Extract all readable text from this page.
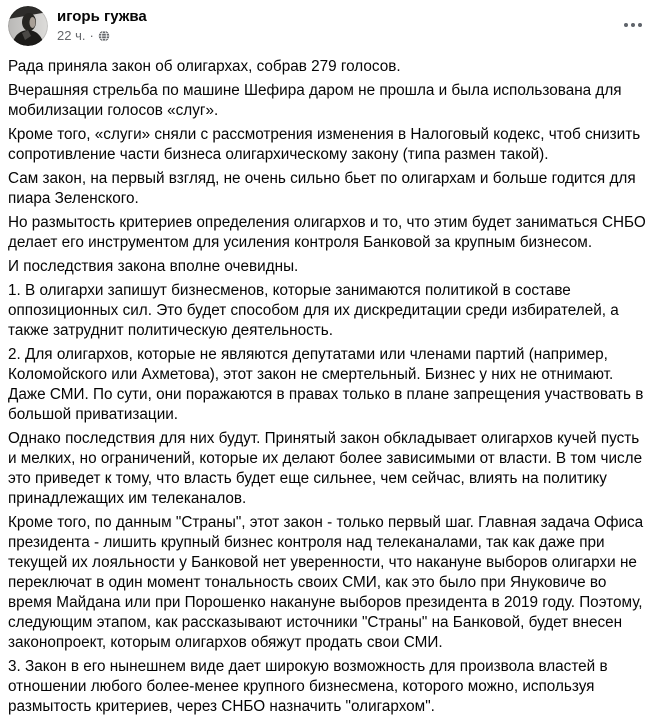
игорь гужва
22 ч. ·

Рада приняла закон об олигархах, собрав 279 голосов.

Вчерашняя стрельба по машине Шефира даром не прошла и была использована для мобилизации голосов «слуг».

Кроме того, «слуги» сняли с рассмотрения изменения в Налоговый кодекс, чтоб снизить сопротивление части бизнеса олигархическому закону (типа размен такой).

Сам закон, на первый взгляд, не очень сильно бьет по олигархам и больше годится для пиара Зеленского.

Но размытость критериев определения олигархов и то, что этим будет заниматься СНБО делает его инструментом для усиления контроля Банковой за крупным бизнесом.

И последствия закона вполне очевидны.

1. В олигархи запишут бизнесменов, которые занимаются политикой в составе оппозиционных сил. Это будет способом для их дискредитации среди избирателей, а также затруднит политическую деятельность.

2. Для олигархов, которые не являются депутатами или членами партий (например, Коломойского или Ахметова), этот закон не смертельный. Бизнес у них не отнимают. Даже СМИ. По сути, они поражаются в правах только в плане запрещения участвовать в большой приватизации.

Однако последствия для них будут. Принятый закон обкладывает олигархов кучей пусть и мелких, но ограничений, которые их делают более зависимыми от власти. В том числе это приведет к тому, что власть будет еще сильнее, чем сейчас, влиять на политику принадлежащих им телеканалов.

Кроме того, по данным "Страны", этот закон - только первый шаг. Главная задача Офиса президента - лишить крупный бизнес контроля над телеканалами, так как даже при текущей их лояльности у Банковой нет уверенности, что накануне выборов олигархи не переключат в один момент тональность своих СМИ, как это было при Януковиче во время Майдана или при Порошенко накануне выборов президента в 2019 году. Поэтому, следующим этапом, как рассказывают источники "Страны" на Банковой, будет внесен законопроект, которым олигархов обяжут продать свои СМИ.

3. Закон в его нынешнем виде дает широкую возможность для произвола властей в отношении любого более-менее крупного бизнесмена, которого можно, используя размытость критериев, через СНБО назначить "олигархом".
